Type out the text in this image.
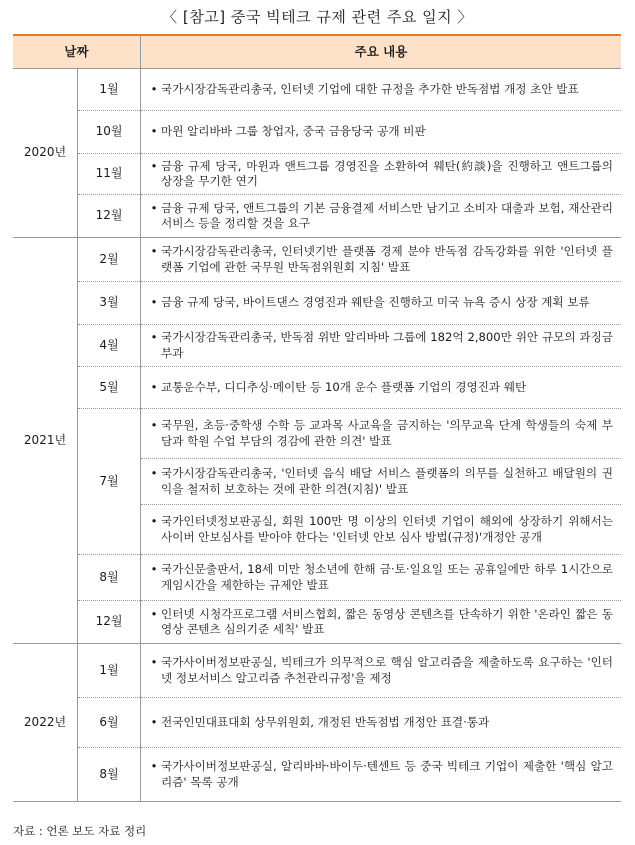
〈 [참고] 중국 빅테크 규제 관련 주요 일지 〉
날짜		주요 내용
2020년	1월	• 국가시장감독관리총국, 인터넷 기업에 대한 규정을 추가한 반독점법 개정 초안 발표

	10월	• 마윈 알리바바 그룹 창업자, 중국 금융당국 공개 비판

	11월	• 금융 규제 당국, 마윈과 앤트그룹 경영진을 소환하여 웨탄(約談)을 진행하고 앤트그룹의 상장을 무기한 연기

	12월	• 금융 규제 당국, 앤트그룹의 기본 금융결제 서비스만 남기고 소비자 대출과 보험, 재산관리 서비스 등을 정리할 것을 요구

2021년	2월	• 국가시장감독관리총국, 인터넷기반 플랫폼 경제 분야 반독점 감독강화를 위한 '인터넷 플랫폼 기업에 관한 국무원 반독점위원회 지침' 발표

	3월	• 금융 규제 당국, 바이트댄스 경영진과 웨탄을 진행하고 미국 뉴욕 증시 상장 계획 보류

	4월	• 국가시장감독관리총국, 반독점 위반 알리바바 그룹에 182억 2,800만 위안 규모의 과징금 부과

	5월	• 교통운수부, 디디추싱·메이탄 등 10개 운수 플랫폼 기업의 경영진과 웨탄

	7월	• 국무원, 초등·중학생 수학 등 교과목 사교육을 금지하는 '의무교육 단계 학생들의 숙제 부담과 학원 수업 부담의 경감에 관한 의견' 발표

		• 국가시장감독관리총국, '인터넷 음식 배달 서비스 플랫폼의 의무를 실천하고 배달원의 권익을 철저히 보호하는 것에 관한 의견(지침)' 발표

		• 국가인터넷정보판공실, 회원 100만 명 이상의 인터넷 기업이 해외에 상장하기 위해서는 사이버 안보심사를 받아야 한다는 '인터넷 안보 심사 방법(규정)'개정안 공개

	8월	• 국가신문출판서, 18세 미만 청소년에 한해 금·토·일요일 또는 공휴일에만 하루 1시간으로 게임시간을 제한하는 규제안 발표

	12월	• 인터넷 시청각프로그램 서비스협회, 짧은 동영상 콘텐츠를 단속하기 위한 '온라인 짧은 동영상 콘텐츠 심의기준 세칙' 발표

2022년	1월	• 국가사이버정보판공실, 빅테크가 의무적으로 핵심 알고리즘을 제출하도록 요구하는 '인터넷 정보서비스 알고리즘 추천관리규정'을 제정

	6월	• 전국인민대표대회 상무위원회, 개정된 반독점법 개정안 표결·통과

	8월	• 국가사이버정보판공실, 알리바바·바이두·텐센트 등 중국 빅테크 기업이 제출한 '핵심 알고리즘' 목록 공개
자료 : 언론 보도 자료 정리
